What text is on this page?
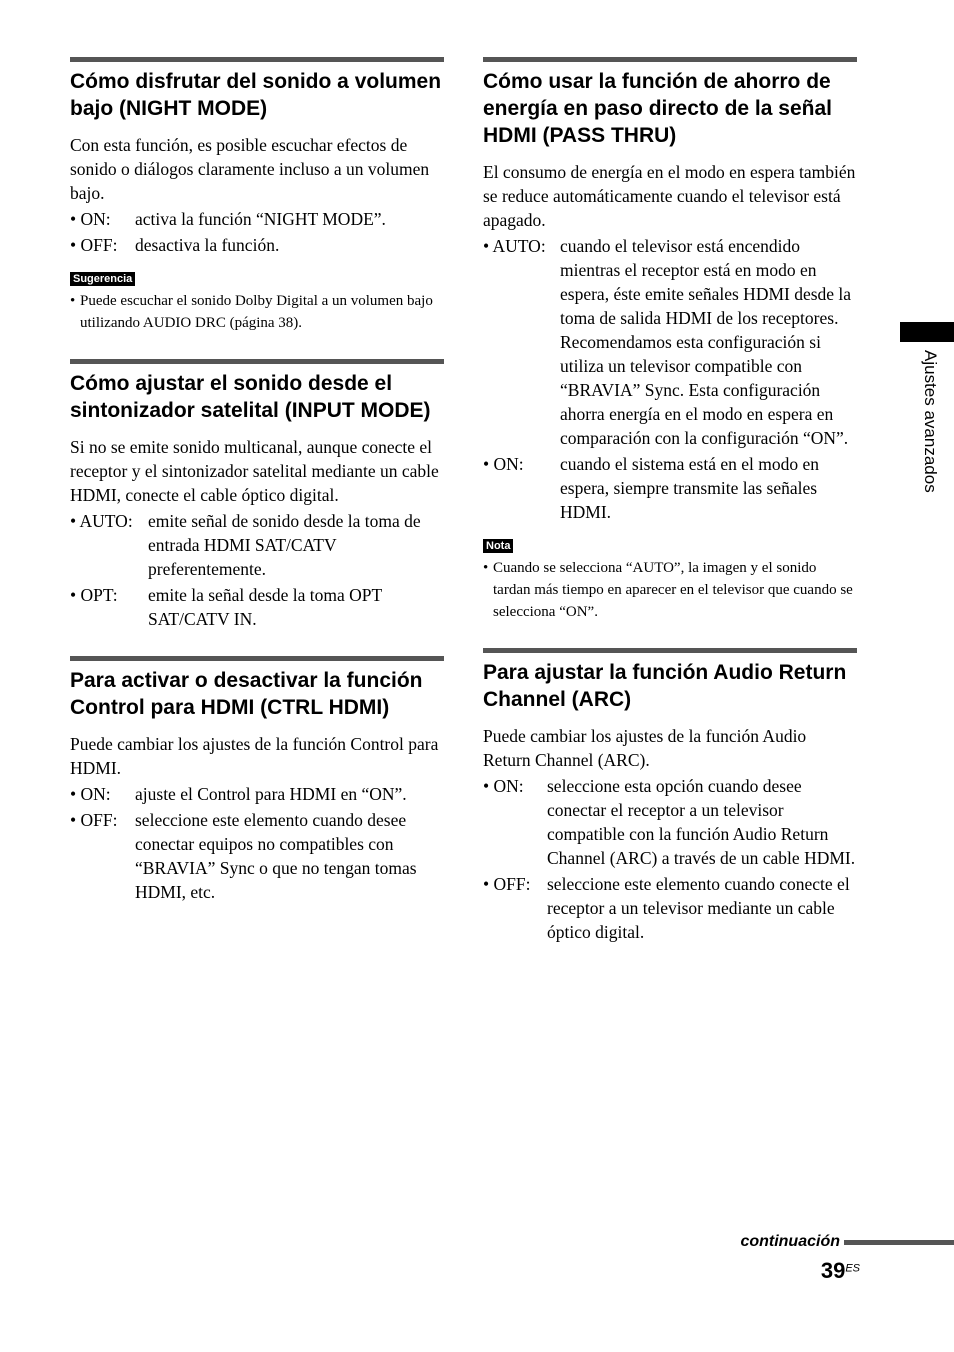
Cómo disfrutar del sonido a volumen bajo (NIGHT MODE)

Con esta función, es posible escuchar efectos de sonido o diálogos claramente incluso a un volumen bajo.

• ON:	activa la función “NIGHT MODE”.
• OFF:	desactiva la función.
Sugerencia
• Puede escuchar el sonido Dolby Digital a un volumen bajo utilizando AUDIO DRC (página 38).
Cómo ajustar el sonido desde el sintonizador satelital (INPUT MODE)

Si no se emite sonido multicanal, aunque conecte el receptor y el sintonizador satelital mediante un cable HDMI, conecte el cable óptico digital.

• AUTO: emite señal de sonido desde la toma de entrada HDMI SAT/CATV preferentemente.
• OPT:	emite la señal desde la toma OPT SAT/CATV IN.
Para activar o desactivar la función Control para HDMI (CTRL HDMI)

Puede cambiar los ajustes de la función Control para HDMI.

• ON:	ajuste el Control para HDMI en “ON”.
• OFF:	seleccione este elemento cuando desee conectar equipos no compatibles con “BRAVIA” Sync o que no tengan tomas HDMI, etc.
Cómo usar la función de ahorro de energía en paso directo de la señal HDMI (PASS THRU)

El consumo de energía en el modo en espera también se reduce automáticamente cuando el televisor está apagado.

• AUTO: cuando el televisor está encendido mientras el receptor está en modo en espera, éste emite señales HDMI desde la toma de salida HDMI de los receptores. Recomendamos esta configuración si utiliza un televisor compatible con “BRAVIA” Sync. Esta configuración ahorra energía en el modo en espera en comparación con la configuración “ON”.
• ON:	cuando el sistema está en el modo en espera, siempre transmite las señales HDMI.
Nota
• Cuando se selecciona “AUTO”, la imagen y el sonido tardan más tiempo en aparecer en el televisor que cuando se selecciona “ON”.
Para ajustar la función Audio Return Channel (ARC)

Puede cambiar los ajustes de la función Audio Return Channel (ARC).

• ON:	seleccione esta opción cuando desee conectar el receptor a un televisor compatible con la función Audio Return Channel (ARC) a través de un cable HDMI.
• OFF: seleccione este elemento cuando conecte el receptor a un televisor mediante un cable óptico digital.
Ajustes avanzados
continuación
$39^{ES}$
